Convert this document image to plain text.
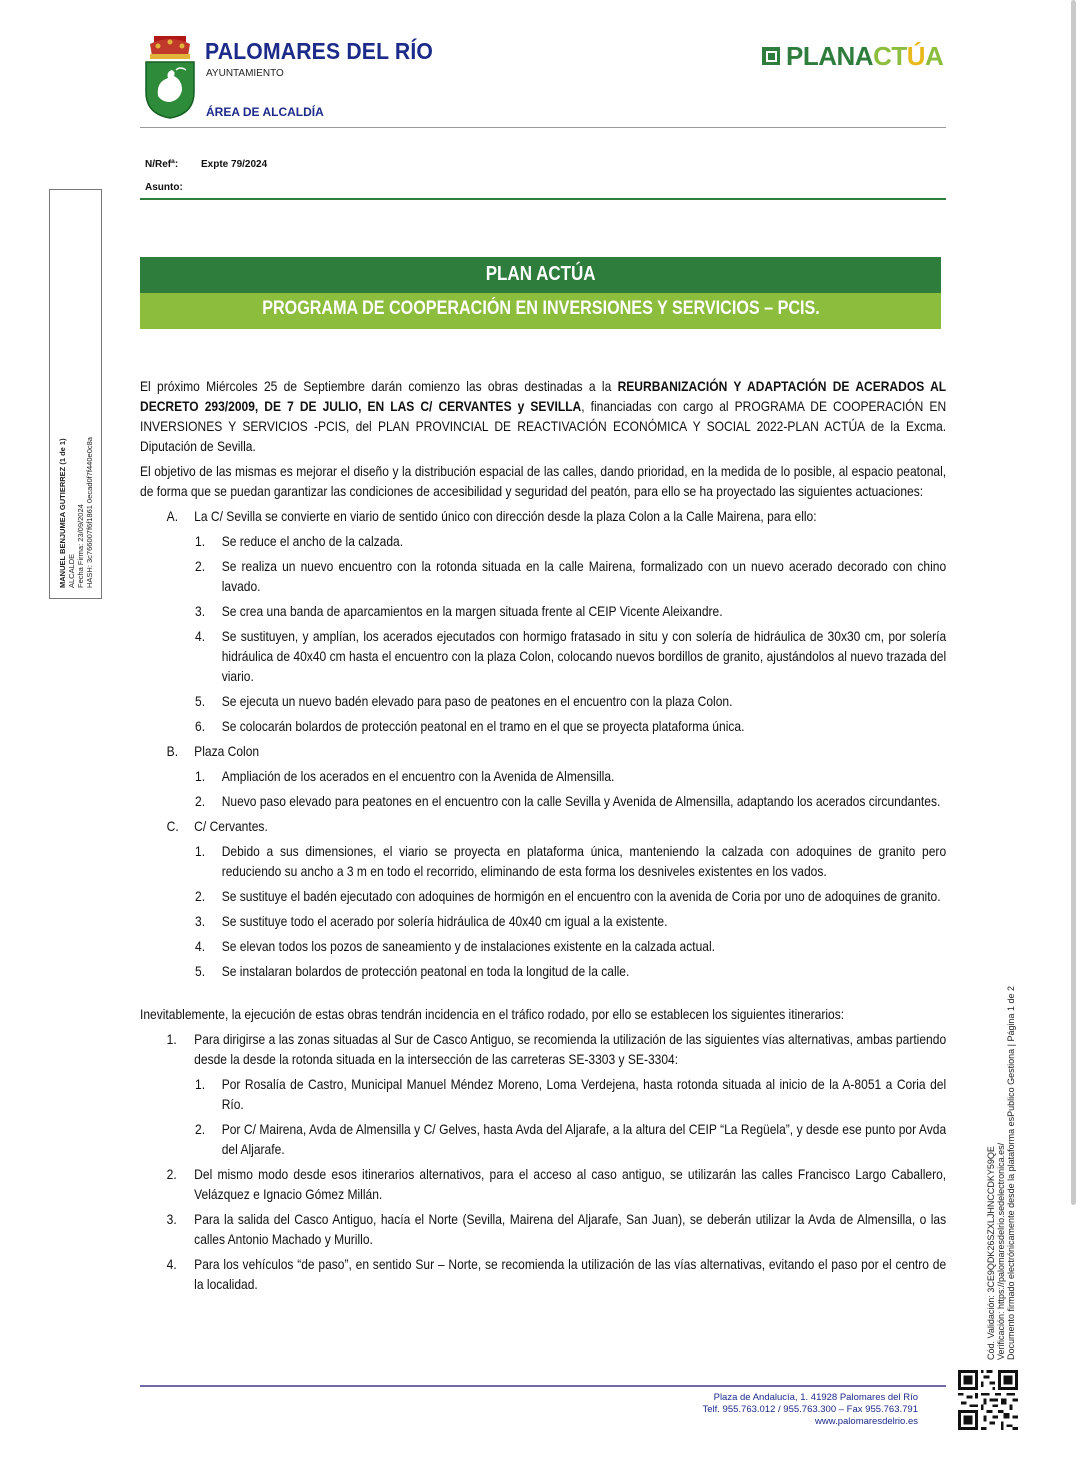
PALOMARES DEL RÍO
AYUNTAMIENTO
ÁREA DE ALCALDÍA
PLANACTÚA
N/Refª: Expte 79/2024
Asunto:
MANUEL BENJUMEA GUTIERREZ (1 de 1) ALCALDE Fecha Firma: 23/09/2024 HASH: 3c766007f6f1861 0ecad0f7f440e0c8a
PLAN ACTÚA
PROGRAMA DE COOPERACIÓN EN INVERSIONES Y SERVICIOS – PCIS.

El próximo Miércoles 25 de Septiembre darán comienzo las obras destinadas a la REURBANIZACIÓN Y ADAPTACIÓN DE ACERADOS AL DECRETO 293/2009, DE 7 DE JULIO, EN LAS C/ CERVANTES y SEVILLA, financiadas con cargo al PROGRAMA DE COOPERACIÓN EN INVERSIONES Y SERVICIOS -PCIS, del PLAN PROVINCIAL DE REACTIVACIÓN ECONÓMICA Y SOCIAL 2022-PLAN ACTÚA de la Excma. Diputación de Sevilla.

El objetivo de las mismas es mejorar el diseño y la distribución espacial de las calles, dando prioridad, en la medida de lo posible, al espacio peatonal, de forma que se puedan garantizar las condiciones de accesibilidad y seguridad del peatón, para ello se ha proyectado las siguientes actuaciones:

A. La C/ Sevilla se convierte en viario de sentido único con dirección desde la plaza Colon a la Calle Mairena, para ello:
1. Se reduce el ancho de la calzada.
2. Se realiza un nuevo encuentro con la rotonda situada en la calle Mairena, formalizado con un nuevo acerado decorado con chino lavado.
3. Se crea una banda de aparcamientos en la margen situada frente al CEIP Vicente Aleixandre.
4. Se sustituyen, y amplían, los acerados ejecutados con hormigo fratasado in situ y con solería de hidráulica de 30x30 cm, por solería hidráulica de 40x40 cm hasta el encuentro con la plaza Colon, colocando nuevos bordillos de granito, ajustándolos al nuevo trazada del viario.
5. Se ejecuta un nuevo badén elevado para paso de peatones en el encuentro con la plaza Colon.
6. Se colocarán bolardos de protección peatonal en el tramo en el que se proyecta plataforma única.
B. Plaza Colon
1. Ampliación de los acerados en el encuentro con la Avenida de Almensilla.
2. Nuevo paso elevado para peatones en el encuentro con la calle Sevilla y Avenida de Almensilla, adaptando los acerados circundantes.
C. C/ Cervantes.
1. Debido a sus dimensiones, el viario se proyecta en plataforma única, manteniendo la calzada con adoquines de granito pero reduciendo su ancho a 3 m en todo el recorrido, eliminando de esta forma los desniveles existentes en los vados.
2. Se sustituye el badén ejecutado con adoquines de hormigón en el encuentro con la avenida de Coria por uno de adoquines de granito.
3. Se sustituye todo el acerado por solería hidráulica de 40x40 cm igual a la existente.
4. Se elevan todos los pozos de saneamiento y de instalaciones existente en la calzada actual.
5. Se instalaran bolardos de protección peatonal en toda la longitud de la calle.

Inevitablemente, la ejecución de estas obras tendrán incidencia en el tráfico rodado, por ello se establecen los siguientes itinerarios:

1. Para dirigirse a las zonas situadas al Sur de Casco Antiguo, se recomienda la utilización de las siguientes vías alternativas, ambas partiendo desde la desde la rotonda situada en la intersección de las carreteras SE-3303 y SE-3304:
1. Por Rosalía de Castro, Municipal Manuel Méndez Moreno, Loma Verdejena, hasta rotonda situada al inicio de la A-8051 a Coria del Río.
2. Por C/ Mairena, Avda de Almensilla y C/ Gelves, hasta Avda del Aljarafe, a la altura del CEIP “La Regüela”, y desde ese punto por Avda del Aljarafe.
2. Del mismo modo desde esos itinerarios alternativos, para el acceso al caso antiguo, se utilizarán las calles Francisco Largo Caballero, Velázquez e Ignacio Gómez Millán.
3. Para la salida del Casco Antiguo, hacía el Norte (Sevilla, Mairena del Aljarafe, San Juan), se deberán utilizar la Avda de Almensilla, o las calles Antonio Machado y Murillo.
4. Para los vehículos “de paso”, en sentido Sur – Norte, se recomienda la utilización de las vías alternativas, evitando el paso por el centro de la localidad.
Plaza de Andalucía, 1. 41928 Palomares del Río
Telf. 955.763.012 / 955.763.300 – Fax 955.763.791
www.palomaresdelrio.es
Cód. Validación: 3CE9QDK26SZXLJHNCCDKY59QE Verificación: https://palomaresdelrio.sedelectronica.es/ Documento firmado electrónicamente desde la plataforma esPublico Gestiona | Página 1 de 2
